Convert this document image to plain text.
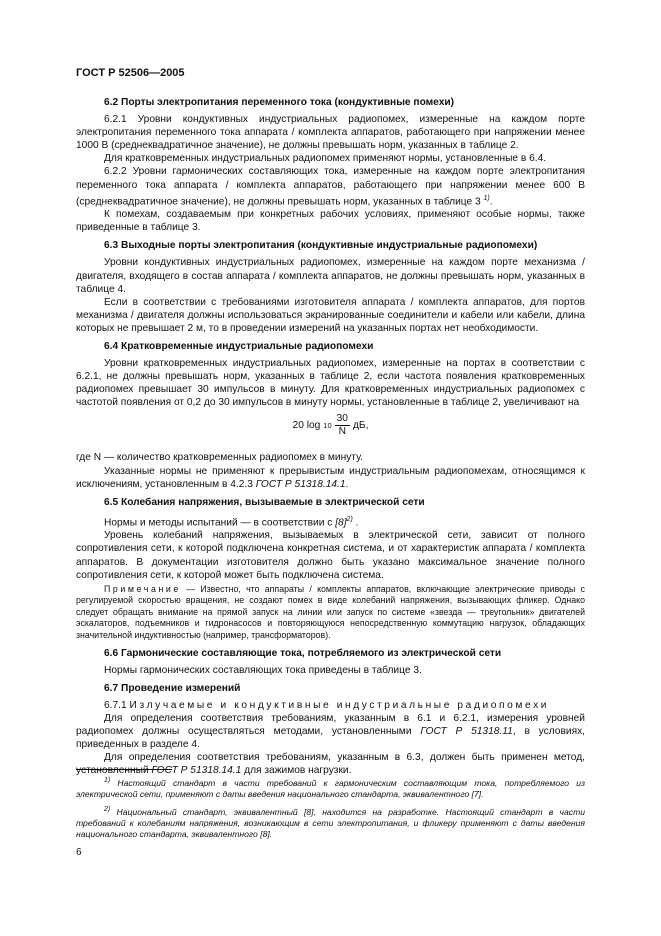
ГОСТ Р 52506—2005
6.2 Порты электропитания переменного тока (кондуктивные помехи)

6.2.1 Уровни кондуктивных индустриальных радиопомех, измеренные на каждом порте электропитания переменного тока аппарата / комплекта аппаратов, работающего при напряжении менее 1000 В (среднеквадратичное значение), не должны превышать норм, указанных в таблице 2.

Для кратковременных индустриальных радиопомех применяют нормы, установленные в 6.4.

6.2.2 Уровни гармонических составляющих тока, измеренные на каждом порте электропитания переменного тока аппарата / комплекта аппаратов, работающего при напряжении менее 600 В (среднеквадратичное значение), не должны превышать норм, указанных в таблице 3 $^{1)}$.

К помехам, создаваемым при конкретных рабочих условиях, применяют особые нормы, также приведенные в таблице 3.

6.3 Выходные порты электропитания (кондуктивные индустриальные радиопомехи)

Уровни кондуктивных индустриальных радиопомех, измеренные на каждом порте механизма / двигателя, входящего в состав аппарата / комплекта аппаратов, не должны превышать норм, указанных в таблице 4.

Если в соответствии с требованиями изготовителя аппарата / комплекта аппаратов, для портов механизма / двигателя должны использоваться экранированные соединители и кабели или кабели, длина которых не превышает 2 м, то в проведении измерений на указанных портах нет необходимости.

6.4 Кратковременные индустриальные радиопомехи

Уровни кратковременных индустриальных радиопомех, измеренные на портах в соответствии с 6.2.1, не должны превышать норм, указанных в таблице 2, если частота появления кратковременных радиопомех превышает 30 импульсов в минуту. Для кратковременных индустриальных радиопомех с частотой появления от 0,2 до 30 импульсов в минуту нормы, установленные в таблице 2, увеличивают на

20 $\log 10 \frac{30}{N}$ дБ,

где N — количество кратковременных радиопомех в минуту.

Указанные нормы не применяют к прерывистым индустриальным радиопомехам, относящимся к исключениям, установленным в 4.2.3 ГОСТ Р 51318.14.1.

6.5 Колебания напряжения, вызываемые в электрической сети

Нормы и методы испытаний — в соответствии с $[8]^{2)}$ .

Уровень колебаний напряжения, вызываемых в электрической сети, зависит от полного сопротивления сети, к которой подключена конкретная система, и от характеристик аппарата / комплекта аппаратов. В документации изготовителя должно быть указано максимальное значение полного сопротивления сети, к которой может быть подключена система.

Примечание — Известно, что аппараты / комплекты аппаратов, включающие электрические приводы с регулируемой скоростью вращения, не создают помех в виде колебаний напряжения, вызывающих фликер. Однако следует обращать внимание на прямой запуск на линии или запуск по системе «звезда — треугольник» двигателей эскалаторов, подъемников и гидронасосов и повторяющуюся непосредственную коммутацию нагрузок, обладающих значительной индуктивностью (например, трансформаторов).

6.6 Гармонические составляющие тока, потребляемого из электрической сети

Нормы гармонических составляющих тока приведены в таблице 3.

6.7 Проведение измерений

6.7.1 Излучаемые и кондуктивные индустриальные радиопомехи

Для определения соответствия требованиям, указанным в 6.1 и 6.2.1, измерения уровней радиопомех должны осуществляться методами, установленными ГОСТ Р 51318.11, в условиях, приведенных в разделе 4.

Для определения соответствия требованиям, указанным в 6.3, должен быть применен метод, установленный ГОСТ Р 51318.14.1 для зажимов нагрузки.

$^{1)}$ Настоящий стандарт в части требований к гармоническим составляющим тока, потребляемого из электрической сети, применяют с даты введения национального стандарта, эквивалентного [7].

$^{2)}$ Национальный стандарт, эквивалентный [8], находится на разработке. Настоящий стандарт в части требований к колебаниям напряжения, возникающим в сети электропитания, и фликеру применяют с даты введения национального стандарта, эквивалентного [8].

6
